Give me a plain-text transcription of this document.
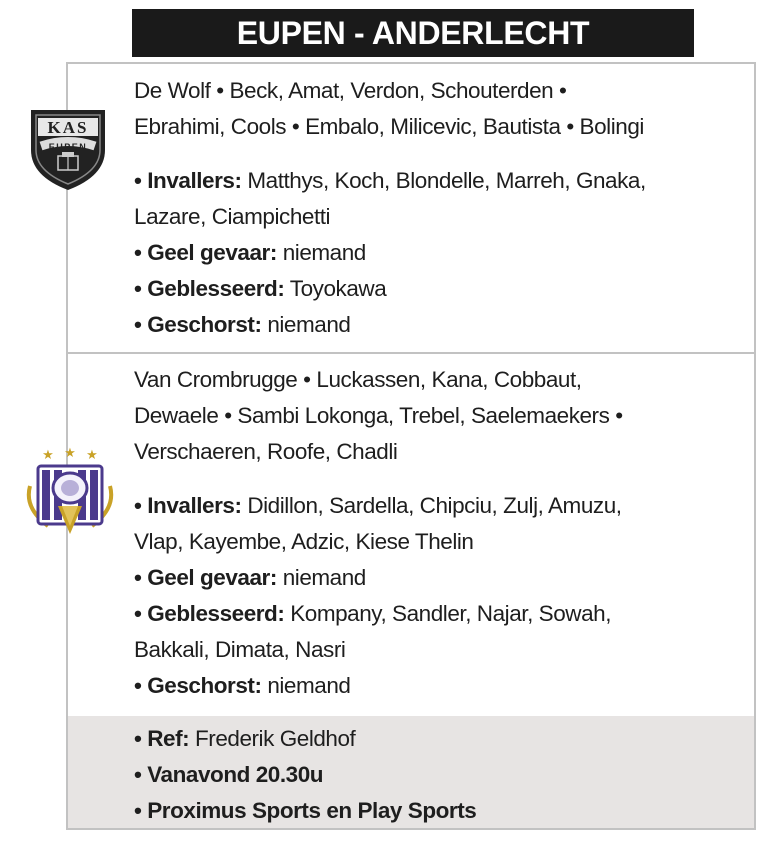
EUPEN - ANDERLECHT
KAS
EUPEN
★ ★ ★
De Wolf • Beck, Amat, Verdon, Schouterden •
Ebrahimi, Cools • Embalo, Milicevic, Bautista • Bolingi
• Invallers: Matthys, Koch, Blondelle, Marreh, Gnaka,
Lazare, Ciampichetti
• Geel gevaar: niemand
• Geblesseerd: Toyokawa
• Geschorst: niemand
Van Crombrugge • Luckassen, Kana, Cobbaut,
Dewaele • Sambi Lokonga, Trebel, Saelemaekers •
Verschaeren, Roofe, Chadli
• Invallers: Didillon, Sardella, Chipciu, Zulj, Amuzu,
Vlap, Kayembe, Adzic, Kiese Thelin
• Geel gevaar: niemand
• Geblesseerd: Kompany, Sandler, Najar, Sowah,
Bakkali, Dimata, Nasri
• Geschorst: niemand
• Ref: Frederik Geldhof
• Vanavond 20.30u
• Proximus Sports en Play Sports
